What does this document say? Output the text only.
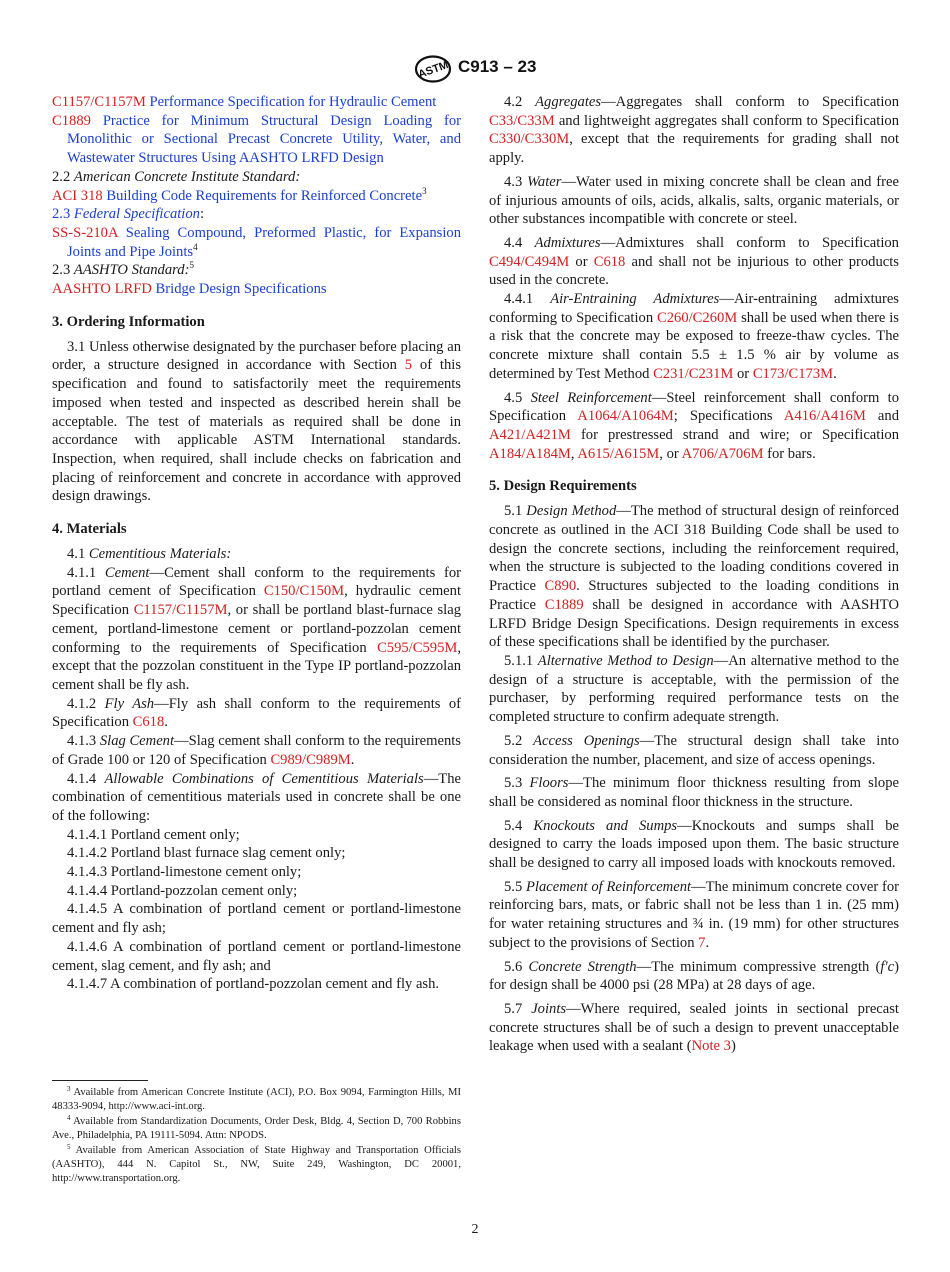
ASTM C913 – 23

C1157/C1157M Performance Specification for Hydraulic Cement

C1889 Practice for Minimum Structural Design Loading for Monolithic or Sectional Precast Concrete Utility, Water, and Wastewater Structures Using AASHTO LRFD Design

2.2 American Concrete Institute Standard:

ACI 318 Building Code Requirements for Reinforced Concrete$^3$

2.3 Federal Specification:

SS-S-210A Sealing Compound, Preformed Plastic, for Expansion Joints and Pipe Joints$^4$

2.3 AASHTO Standard:$^5$

AASHTO LRFD Bridge Design Specifications

3. Ordering Information

3.1 Unless otherwise designated by the purchaser before placing an order, a structure designed in accordance with Section 5 of this specification and found to satisfactorily meet the requirements imposed when tested and inspected as described herein shall be acceptable. The test of materials as required shall be done in accordance with applicable ASTM International standards. Inspection, when required, shall include checks on fabrication and placing of reinforcement and concrete in accordance with approved design drawings.

4. Materials

4.1 Cementitious Materials:

4.1.1 Cement—Cement shall conform to the requirements for portland cement of Specification C150/C150M, hydraulic cement Specification C1157/C1157M, or shall be portland blast-furnace slag cement, portland-limestone cement or portland-pozzolan cement conforming to the requirements of Specification C595/C595M, except that the pozzolan constituent in the Type IP portland-pozzolan cement shall be fly ash.

4.1.2 Fly Ash—Fly ash shall conform to the requirements of Specification C618.

4.1.3 Slag Cement—Slag cement shall conform to the requirements of Grade 100 or 120 of Specification C989/C989M.

4.1.4 Allowable Combinations of Cementitious Materials—The combination of cementitious materials used in concrete shall be one of the following:

4.1.4.1 Portland cement only;

4.1.4.2 Portland blast furnace slag cement only;

4.1.4.3 Portland-limestone cement only;

4.1.4.4 Portland-pozzolan cement only;

4.1.4.5 A combination of portland cement or portland-limestone cement and fly ash;

4.1.4.6 A combination of portland cement or portland-limestone cement, slag cement, and fly ash; and

4.1.4.7 A combination of portland-pozzolan cement and fly ash.

$^3$ Available from American Concrete Institute (ACI), P.O. Box 9094, Farmington Hills, MI 48333-9094, http://www.aci-int.org.

$^4$ Available from Standardization Documents, Order Desk, Bldg. 4, Section D, 700 Robbins Ave., Philadelphia, PA 19111-5094. Attn: NPODS.

$^5$ Available from American Association of State Highway and Transportation Officials (AASHTO), 444 N. Capitol St., NW, Suite 249, Washington, DC 20001, http://www.transportation.org.

4.2 Aggregates—Aggregates shall conform to Specification C33/C33M and lightweight aggregates shall conform to Specification C330/C330M, except that the requirements for grading shall not apply.

4.3 Water—Water used in mixing concrete shall be clean and free of injurious amounts of oils, acids, alkalis, salts, organic materials, or other substances incompatible with concrete or steel.

4.4 Admixtures—Admixtures shall conform to Specification C494/C494M or C618 and shall not be injurious to other products used in the concrete.

4.4.1 Air-Entraining Admixtures—Air-entraining admixtures conforming to Specification C260/C260M shall be used when there is a risk that the concrete may be exposed to freeze-thaw cycles. The concrete mixture shall contain 5.5 ± 1.5 % air by volume as determined by Test Method C231/C231M or C173/C173M.

4.5 Steel Reinforcement—Steel reinforcement shall conform to Specification A1064/A1064M; Specifications A416/A416M and A421/A421M for prestressed strand and wire; or Specification A184/A184M, A615/A615M, or A706/A706M for bars.

5. Design Requirements

5.1 Design Method—The method of structural design of reinforced concrete as outlined in the ACI 318 Building Code shall be used to design the concrete sections, including the reinforcement required, when the structure is subjected to the loading conditions covered in Practice C890. Structures subjected to the loading conditions in Practice C1889 shall be designed in accordance with AASHTO LRFD Bridge Design Specifications. Design requirements in excess of these specifications shall be identified by the purchaser.

5.1.1 Alternative Method to Design—An alternative method to the design of a structure is acceptable, with the permission of the purchaser, by performing required performance tests on the completed structure to confirm adequate strength.

5.2 Access Openings—The structural design shall take into consideration the number, placement, and size of access openings.

5.3 Floors—The minimum floor thickness resulting from slope shall be considered as nominal floor thickness in the structure.

5.4 Knockouts and Sumps—Knockouts and sumps shall be designed to carry the loads imposed upon them. The basic structure shall be designed to carry all imposed loads with knockouts removed.

5.5 Placement of Reinforcement—The minimum concrete cover for reinforcing bars, mats, or fabric shall not be less than 1 in. (25 mm) for water retaining structures and ¾ in. (19 mm) for other structures subject to the provisions of Section 7.

5.6 Concrete Strength—The minimum compressive strength (f′c) for design shall be 4000 psi (28 MPa) at 28 days of age.

5.7 Joints—Where required, sealed joints in sectional precast concrete structures shall be of such a design to prevent unacceptable leakage when used with a sealant (Note 3)

2
